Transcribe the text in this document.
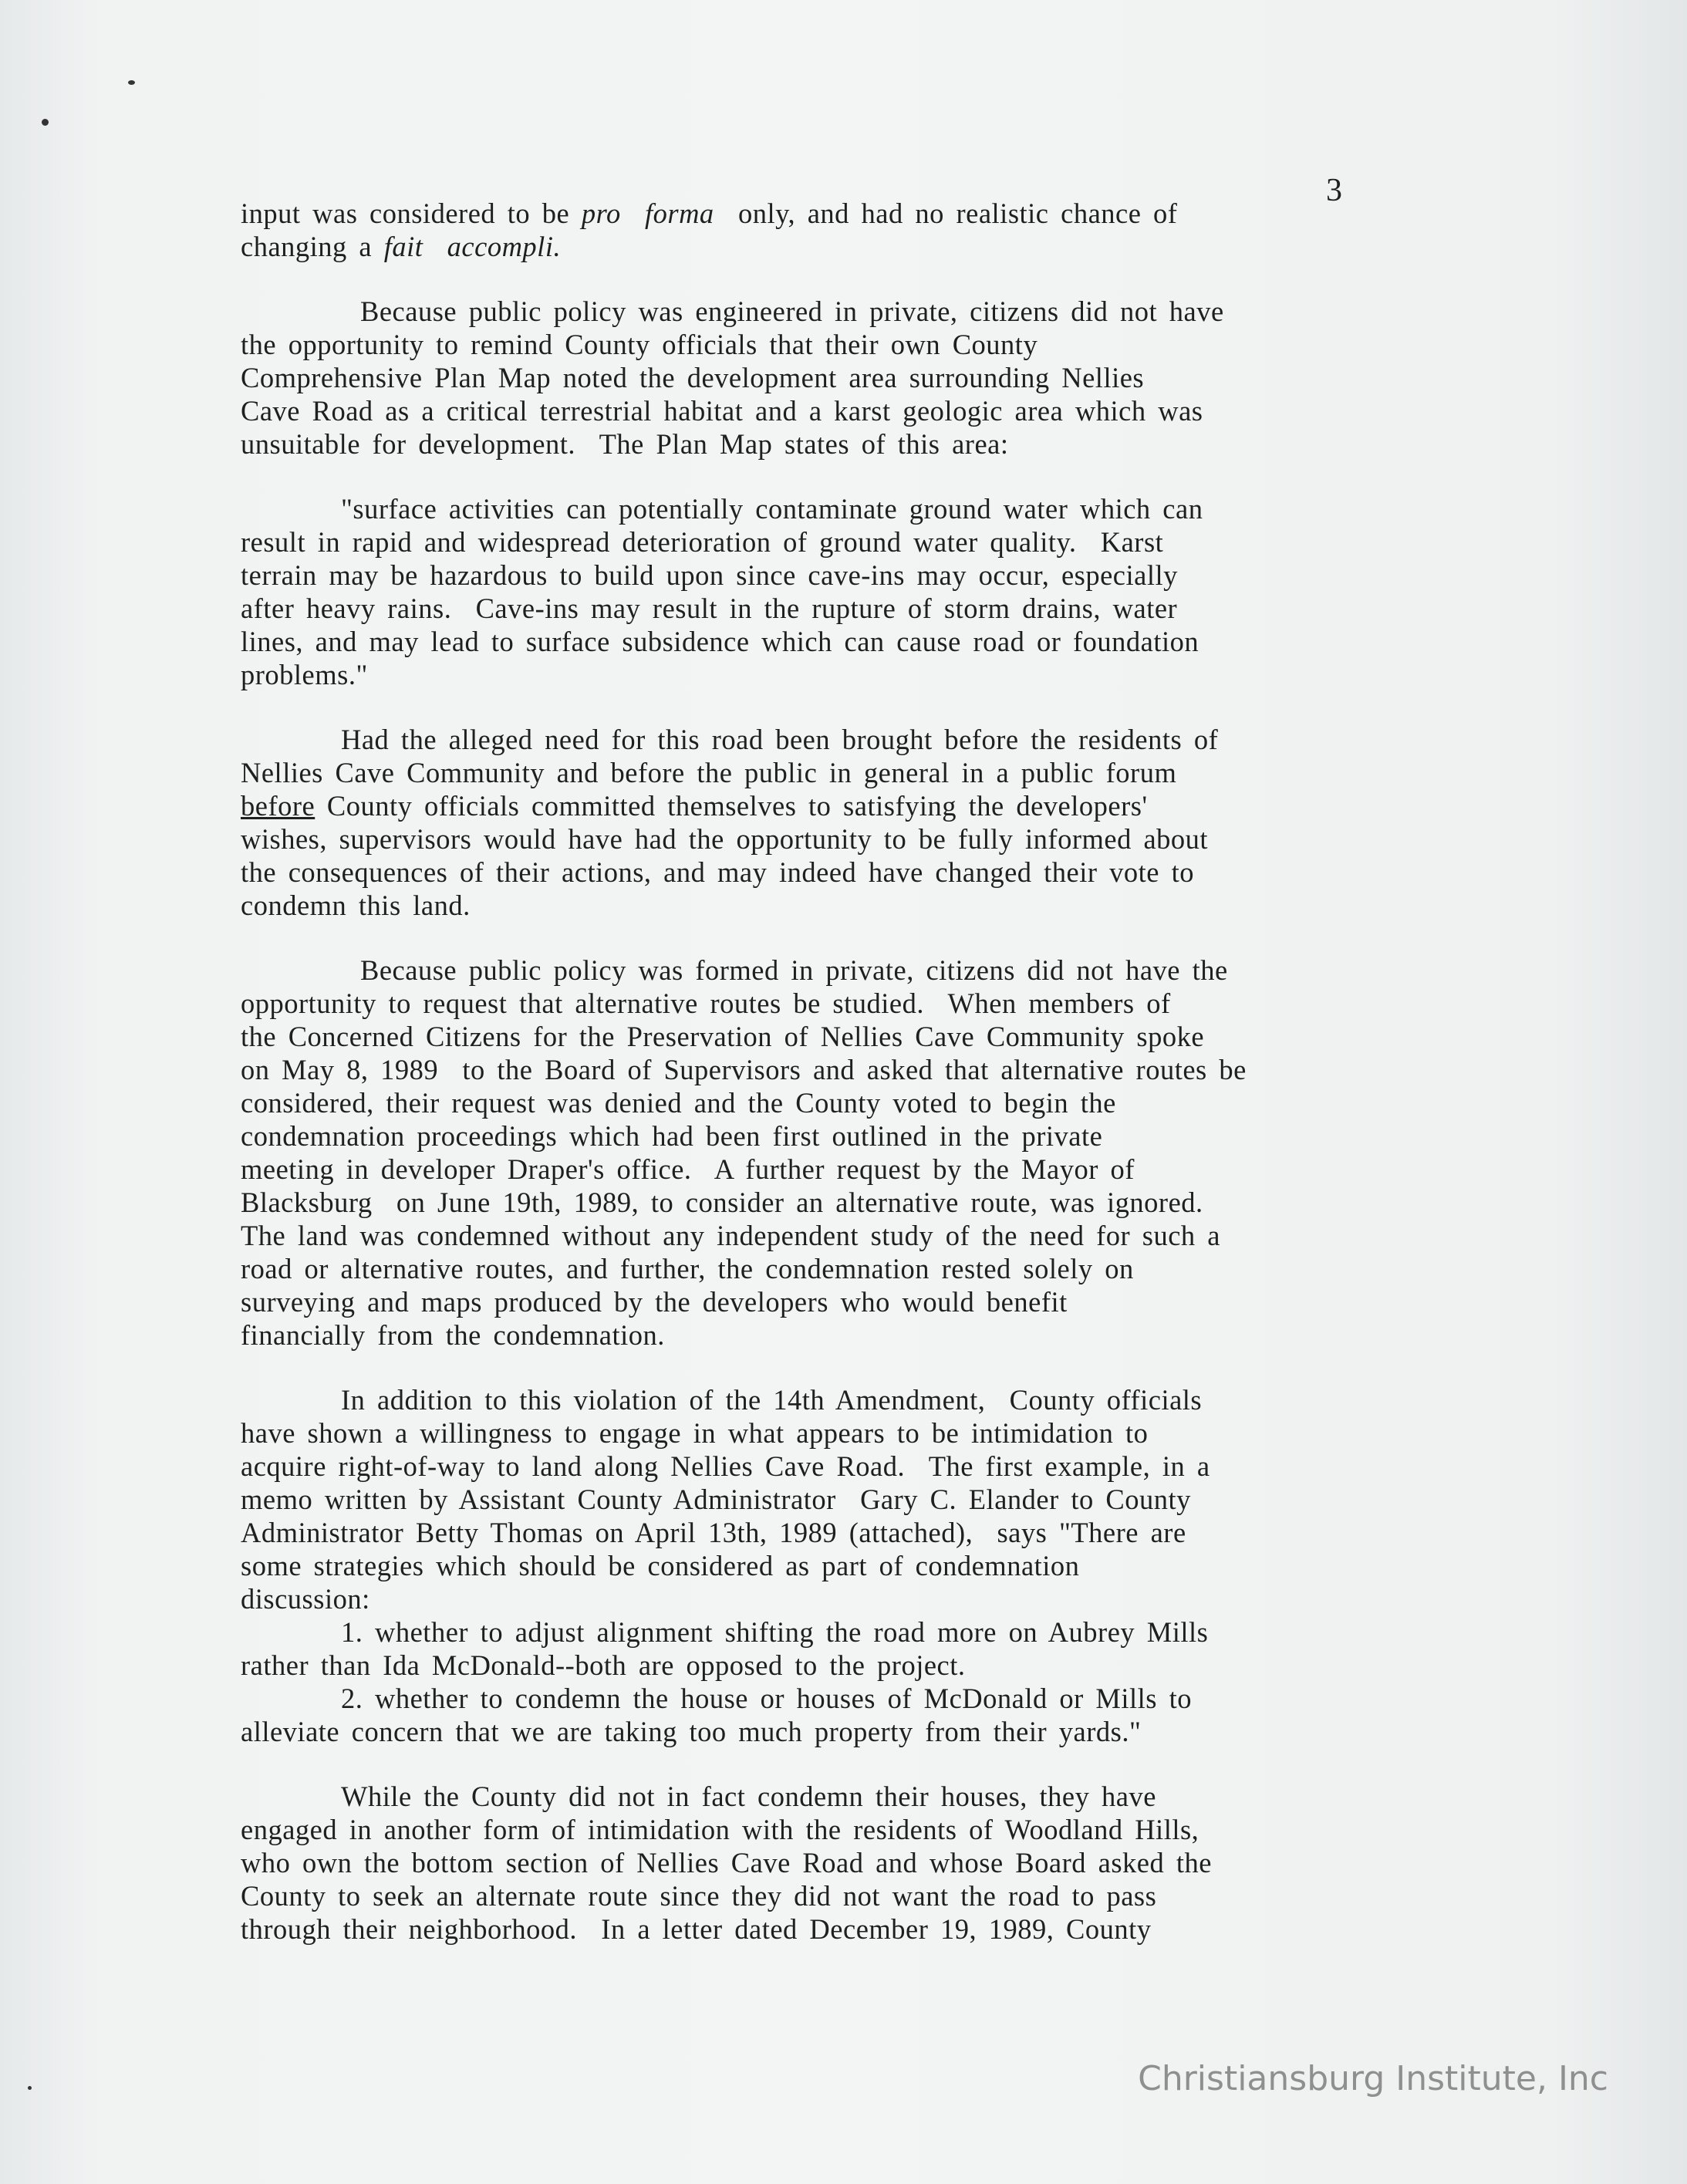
3
input was considered to be pro  forma  only, and had no realistic chance of
changing a fait  accompli.
Because public policy was engineered in private, citizens did not have
the opportunity to remind County officials that their own County
Comprehensive Plan Map noted the development area surrounding Nellies
Cave Road as a critical terrestrial habitat and a karst geologic area which was
unsuitable for development.  The Plan Map states of this area:
"surface activities can potentially contaminate ground water which can
result in rapid and widespread deterioration of ground water quality.  Karst
terrain may be hazardous to build upon since cave-ins may occur, especially
after heavy rains.  Cave-ins may result in the rupture of storm drains, water
lines, and may lead to surface subsidence which can cause road or foundation
problems."
Had the alleged need for this road been brought before the residents of
Nellies Cave Community and before the public in general in a public forum
before County officials committed themselves to satisfying the developers'
wishes, supervisors would have had the opportunity to be fully informed about
the consequences of their actions, and may indeed have changed their vote to
condemn this land.
Because public policy was formed in private, citizens did not have the
opportunity to request that alternative routes be studied.  When members of
the Concerned Citizens for the Preservation of Nellies Cave Community spoke
on May 8, 1989  to the Board of Supervisors and asked that alternative routes be
considered, their request was denied and the County voted to begin the
condemnation proceedings which had been first outlined in the private
meeting in developer Draper's office.  A further request by the Mayor of
Blacksburg  on June 19th, 1989, to consider an alternative route, was ignored.
The land was condemned without any independent study of the need for such a
road or alternative routes, and further, the condemnation rested solely on
surveying and maps produced by the developers who would benefit
financially from the condemnation.
In addition to this violation of the 14th Amendment,  County officials
have shown a willingness to engage in what appears to be intimidation to
acquire right-of-way to land along Nellies Cave Road.  The first example, in a
memo written by Assistant County Administrator  Gary C. Elander to County
Administrator Betty Thomas on April 13th, 1989 (attached),  says "There are
some strategies which should be considered as part of condemnation
discussion:
1. whether to adjust alignment shifting the road more on Aubrey Mills
rather than Ida McDonald--both are opposed to the project.
2. whether to condemn the house or houses of McDonald or Mills to
alleviate concern that we are taking too much property from their yards."
While the County did not in fact condemn their houses, they have
engaged in another form of intimidation with the residents of Woodland Hills,
who own the bottom section of Nellies Cave Road and whose Board asked the
County to seek an alternate route since they did not want the road to pass
through their neighborhood.  In a letter dated December 19, 1989, County
Christiansburg Institute, Inc
